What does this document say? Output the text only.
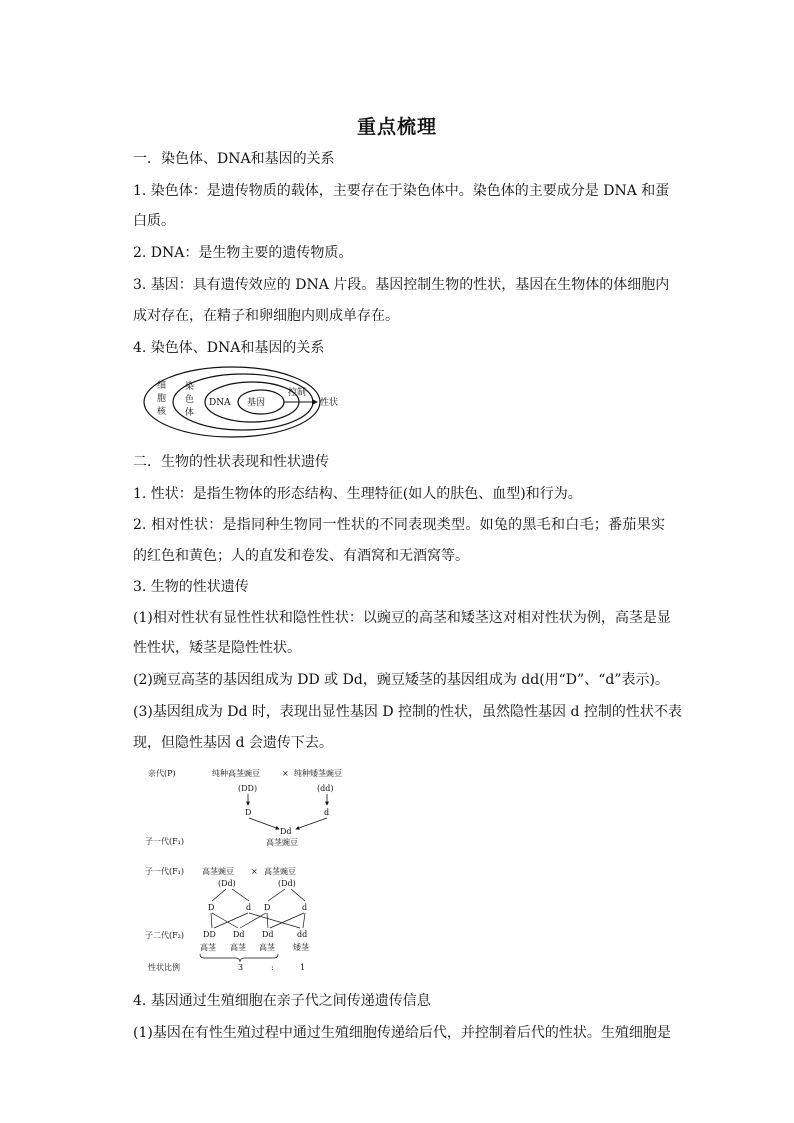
重点梳理
一．染色体、DNA和基因的关系
1. 染色体：是遗传物质的载体，主要存在于染色体中。染色体的主要成分是 DNA 和蛋
白质。
2. DNA：是生物主要的遗传物质。
3. 基因：具有遗传效应的 DNA 片段。基因控制生物的性状，基因在生物体的体细胞内
成对存在，在精子和卵细胞内则成单存在。
4. 染色体、DNA和基因的关系
细
胞
核
染
色
体
DNA 基因
控制
性状
二．生物的性状表现和性状遗传
1. 性状：是指生物体的形态结构、生理特征(如人的肤色、血型)和行为。
2. 相对性状：是指同种生物同一性状的不同表现类型。如兔的黑毛和白毛；番茄果实
的红色和黄色；人的直发和卷发、有酒窝和无酒窝等。
3. 生物的性状遗传
(1)相对性状有显性性状和隐性性状：以豌豆的高茎和矮茎这对相对性状为例，高茎是显
性性状，矮茎是隐性性状。
(2)豌豆高茎的基因组成为 DD 或 Dd，豌豆矮茎的基因组成为 dd(用“D”、“d”表示)。
(3)基因组成为 Dd 时，表现出显性基因 D 控制的性状，虽然隐性基因 d 控制的性状不表
现，但隐性基因 d 会遗传下去。
亲代(P)	纯种高茎豌豆	× 纯种矮茎豌豆
(DD)	(dd)
D	d
子一代(F₁)
Dd
高茎豌豆
子一代(F₁) 高茎豌豆 × 高茎豌豆
(Dd)	(Dd)
D	d D	d
子二代(F₂) DD Dd Dd	dd
高茎 高茎 高茎 矮茎
性状比例	3	:	1
4. 基因通过生殖细胞在亲子代之间传递遗传信息
(1)基因在有性生殖过程中通过生殖细胞传递给后代，并控制着后代的性状。生殖细胞是
